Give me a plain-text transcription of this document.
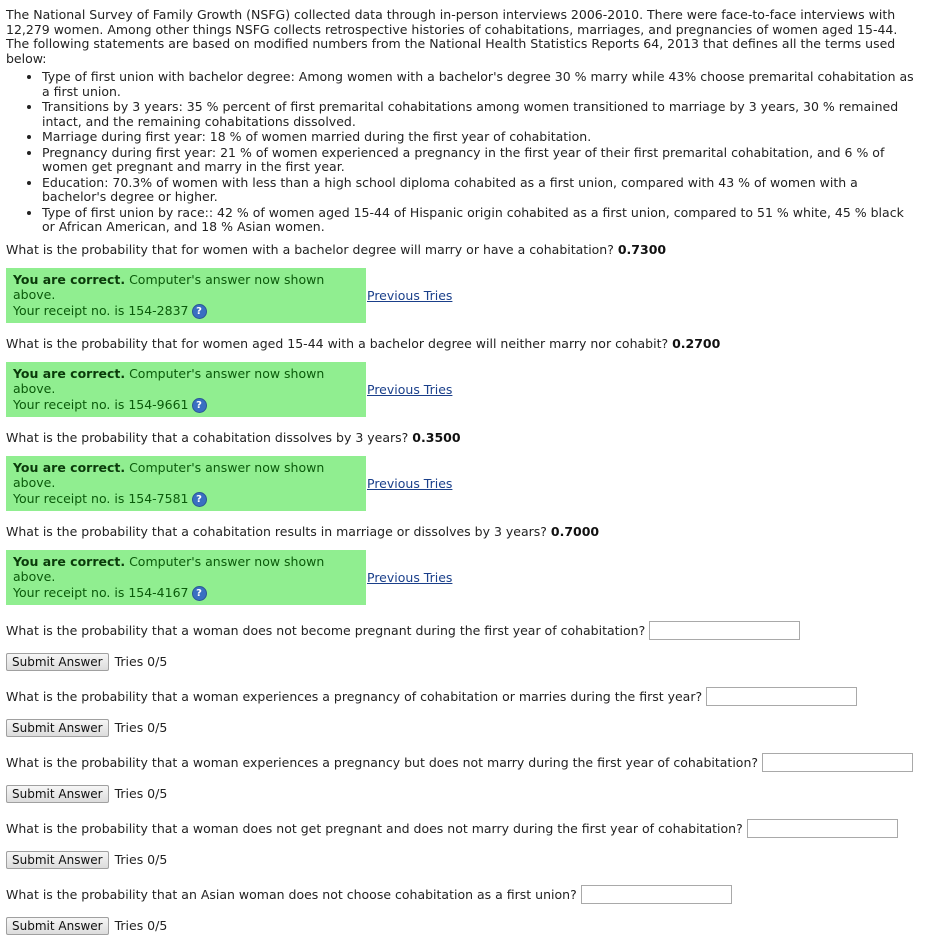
The National Survey of Family Growth (NSFG) collected data through in-person interviews 2006-2010. There were face-to-face interviews with 12,279 women. Among other things NSFG collects retrospective histories of cohabitations, marriages, and pregnancies of women aged 15-44. The following statements are based on modified numbers from the National Health Statistics Reports 64, 2013 that defines all the terms used below:

• Type of first union with bachelor degree: Among women with a bachelor's degree 30 % marry while 43% choose premarital cohabitation as a first union.
• Transitions by 3 years: 35 % percent of first premarital cohabitations among women transitioned to marriage by 3 years, 30 % remained intact, and the remaining cohabitations dissolved.
• Marriage during first year: 18 % of women married during the first year of cohabitation.
• Pregnancy during first year: 21 % of women experienced a pregnancy in the first year of their first premarital cohabitation, and 6 % of women get pregnant and marry in the first year.
• Education: 70.3% of women with less than a high school diploma cohabited as a first union, compared with 43 % of women with a bachelor's degree or higher.
• Type of first union by race:: 42 % of women aged 15-44 of Hispanic origin cohabited as a first union, compared to 51 % white, 45 % black or African American, and 18 % Asian women.
What is the probability that for women with a bachelor degree will marry or have a cohabitation? 0.7300
You are correct. Computer's answer now shown above.
Your receipt no. is 154-2837 ?
Previous Tries
What is the probability that for women aged 15-44 with a bachelor degree will neither marry nor cohabit? 0.2700
You are correct. Computer's answer now shown above.
Your receipt no. is 154-9661 ?
Previous Tries
What is the probability that a cohabitation dissolves by 3 years? 0.3500
You are correct. Computer's answer now shown above.
Your receipt no. is 154-7581 ?
Previous Tries
What is the probability that a cohabitation results in marriage or dissolves by 3 years? 0.7000
You are correct. Computer's answer now shown above.
Your receipt no. is 154-4167 ?
Previous Tries
What is the probability that a woman does not become pregnant during the first year of cohabitation?
Submit Answer Tries 0/5
What is the probability that a woman experiences a pregnancy of cohabitation or marries during the first year?
Submit Answer Tries 0/5
What is the probability that a woman experiences a pregnancy but does not marry during the first year of cohabitation?
Submit Answer Tries 0/5
What is the probability that a woman does not get pregnant and does not marry during the first year of cohabitation?
Submit Answer Tries 0/5
What is the probability that an Asian woman does not choose cohabitation as a first union?
Submit Answer Tries 0/5
